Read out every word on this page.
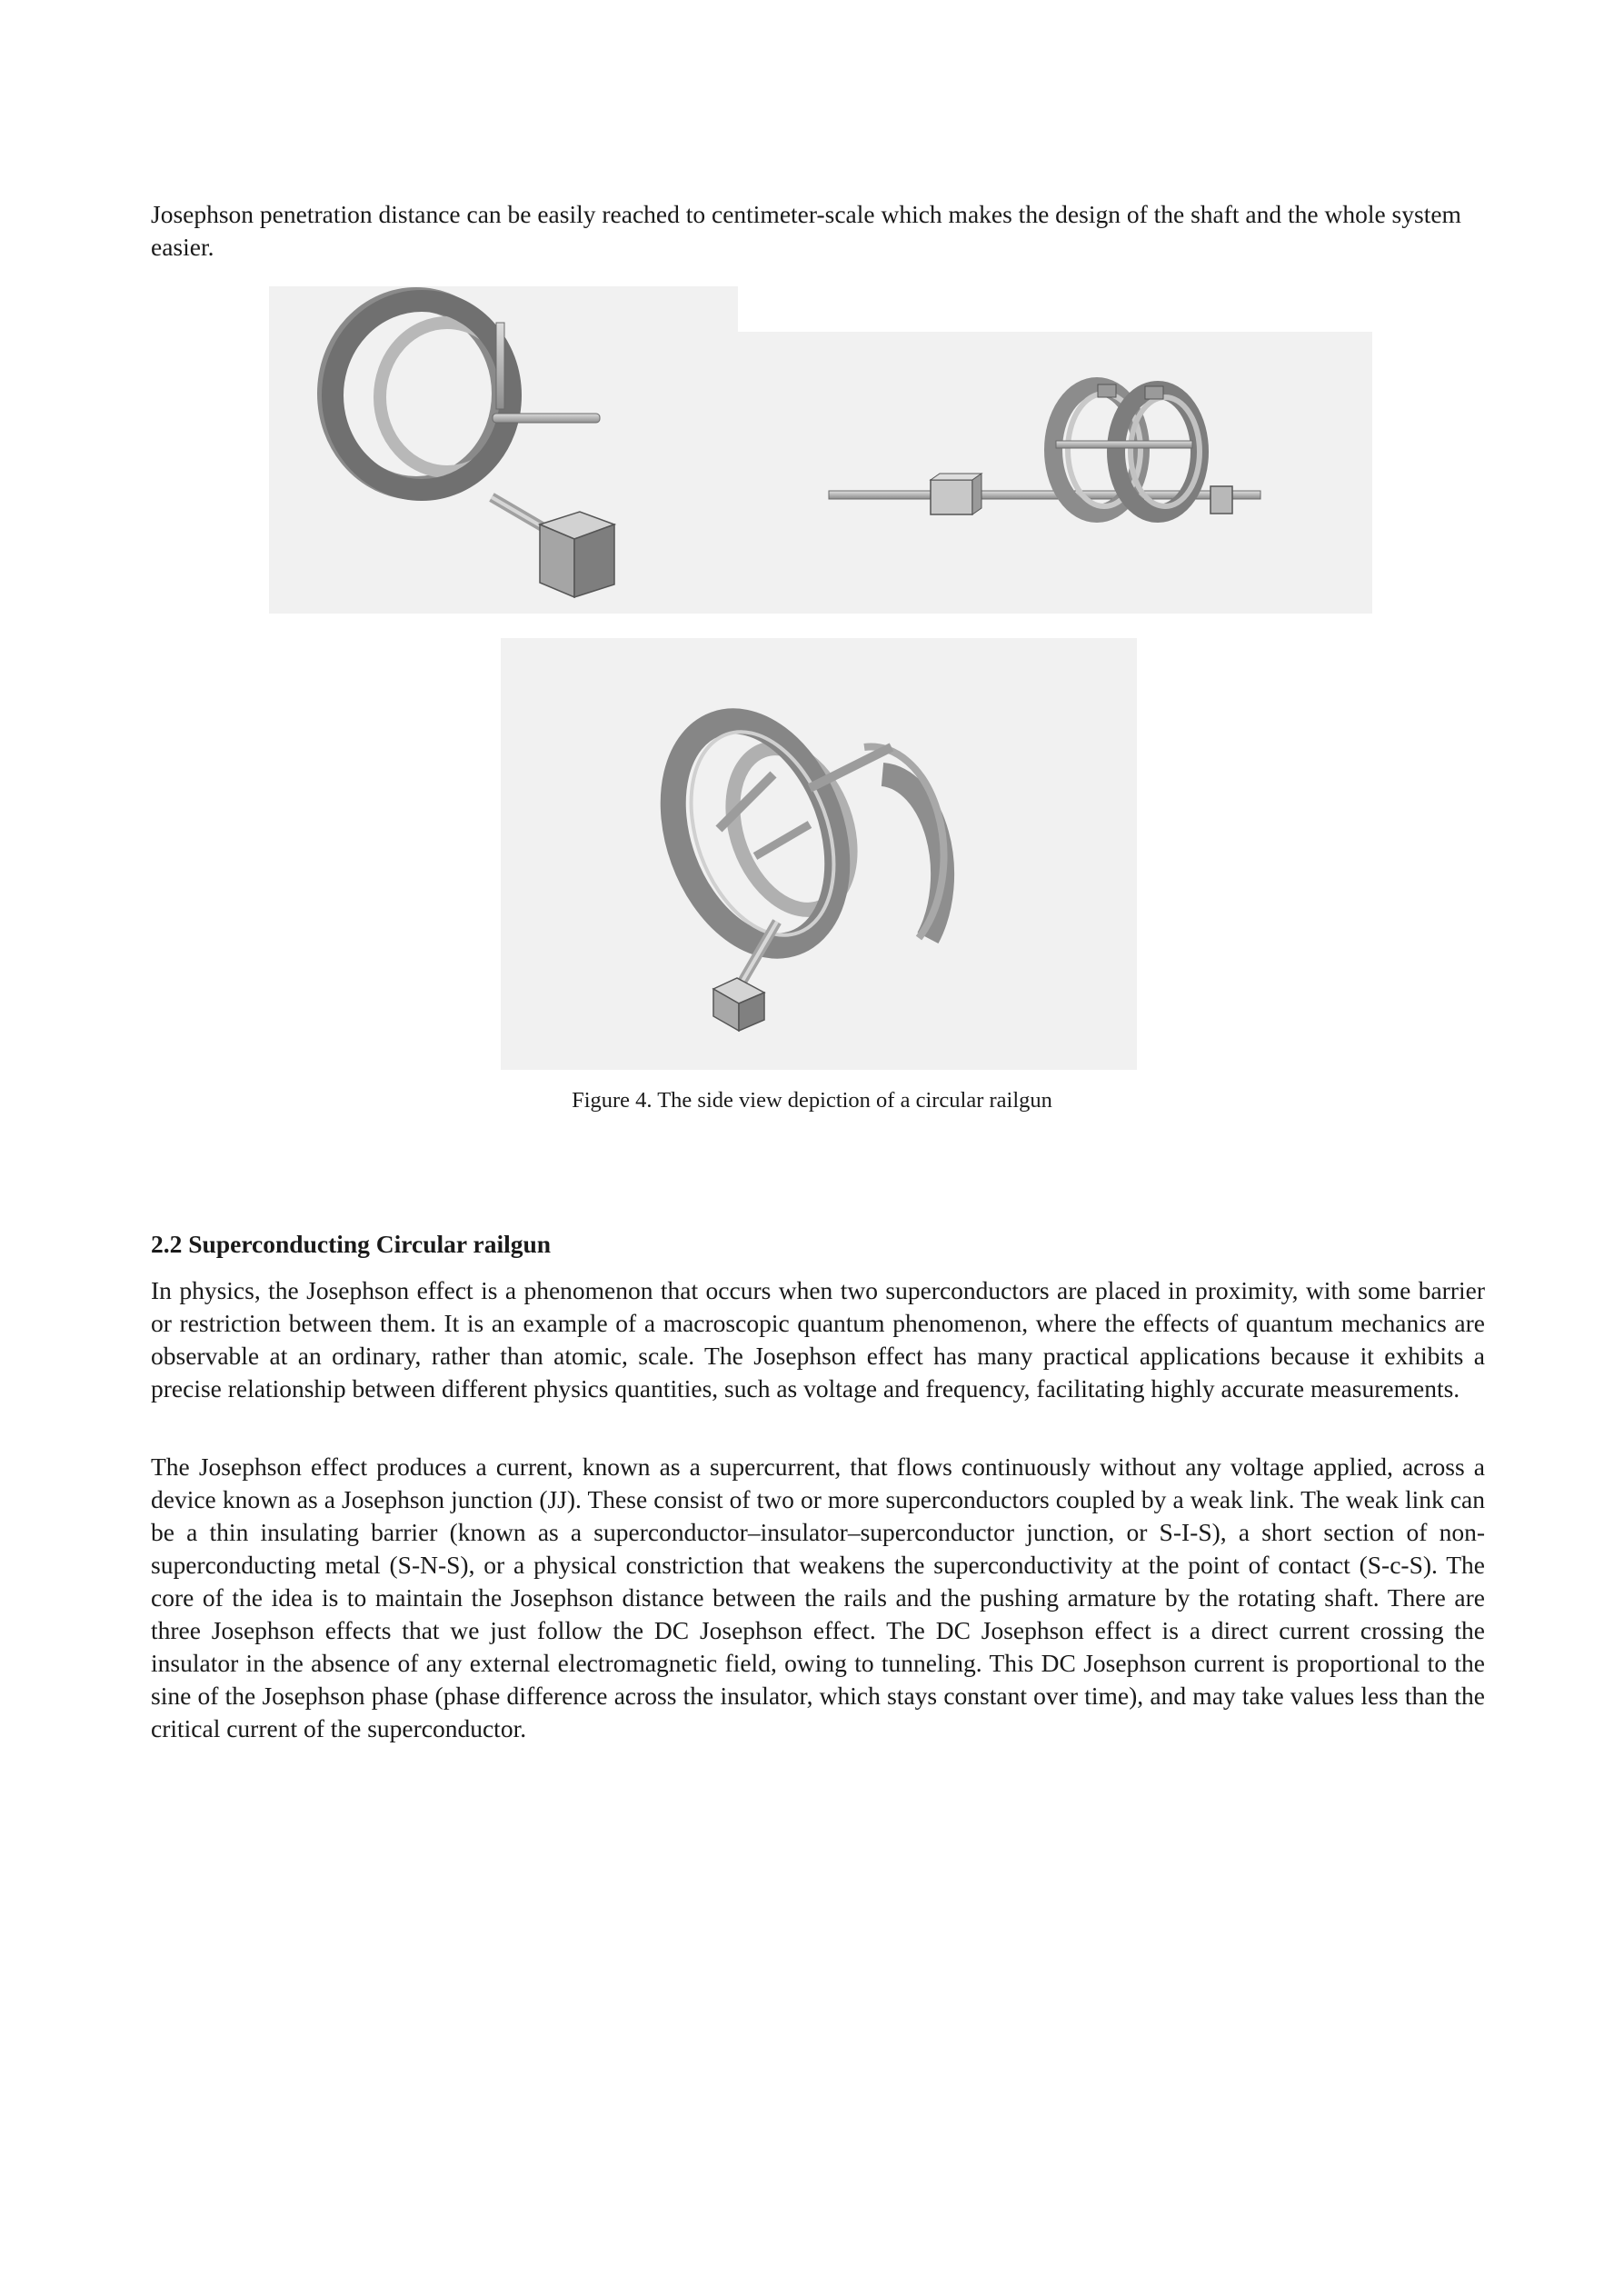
Josephson penetration distance can be easily reached to centimeter-scale which makes the design of the shaft and the whole system easier.

Figure 4. The side view depiction of a circular railgun
2.2 Superconducting Circular railgun

In physics, the Josephson effect is a phenomenon that occurs when two superconductors are placed in proximity, with some barrier or restriction between them. It is an example of a macroscopic quantum phenomenon, where the effects of quantum mechanics are observable at an ordinary, rather than atomic, scale. The Josephson effect has many practical applications because it exhibits a precise relationship between different physics quantities, such as voltage and frequency, facilitating highly accurate measurements.

The Josephson effect produces a current, known as a supercurrent, that flows continuously without any voltage applied, across a device known as a Josephson junction (JJ). These consist of two or more superconductors coupled by a weak link. The weak link can be a thin insulating barrier (known as a superconductor–insulator–superconductor junction, or S-I-S), a short section of non-superconducting metal (S-N-S), or a physical constriction that weakens the superconductivity at the point of contact (S-c-S). The core of the idea is to maintain the Josephson distance between the rails and the pushing armature by the rotating shaft. There are three Josephson effects that we just follow the DC Josephson effect. The DC Josephson effect is a direct current crossing the insulator in the absence of any external electromagnetic field, owing to tunneling. This DC Josephson current is proportional to the sine of the Josephson phase (phase difference across the insulator, which stays constant over time), and may take values less than the critical current of the superconductor.
